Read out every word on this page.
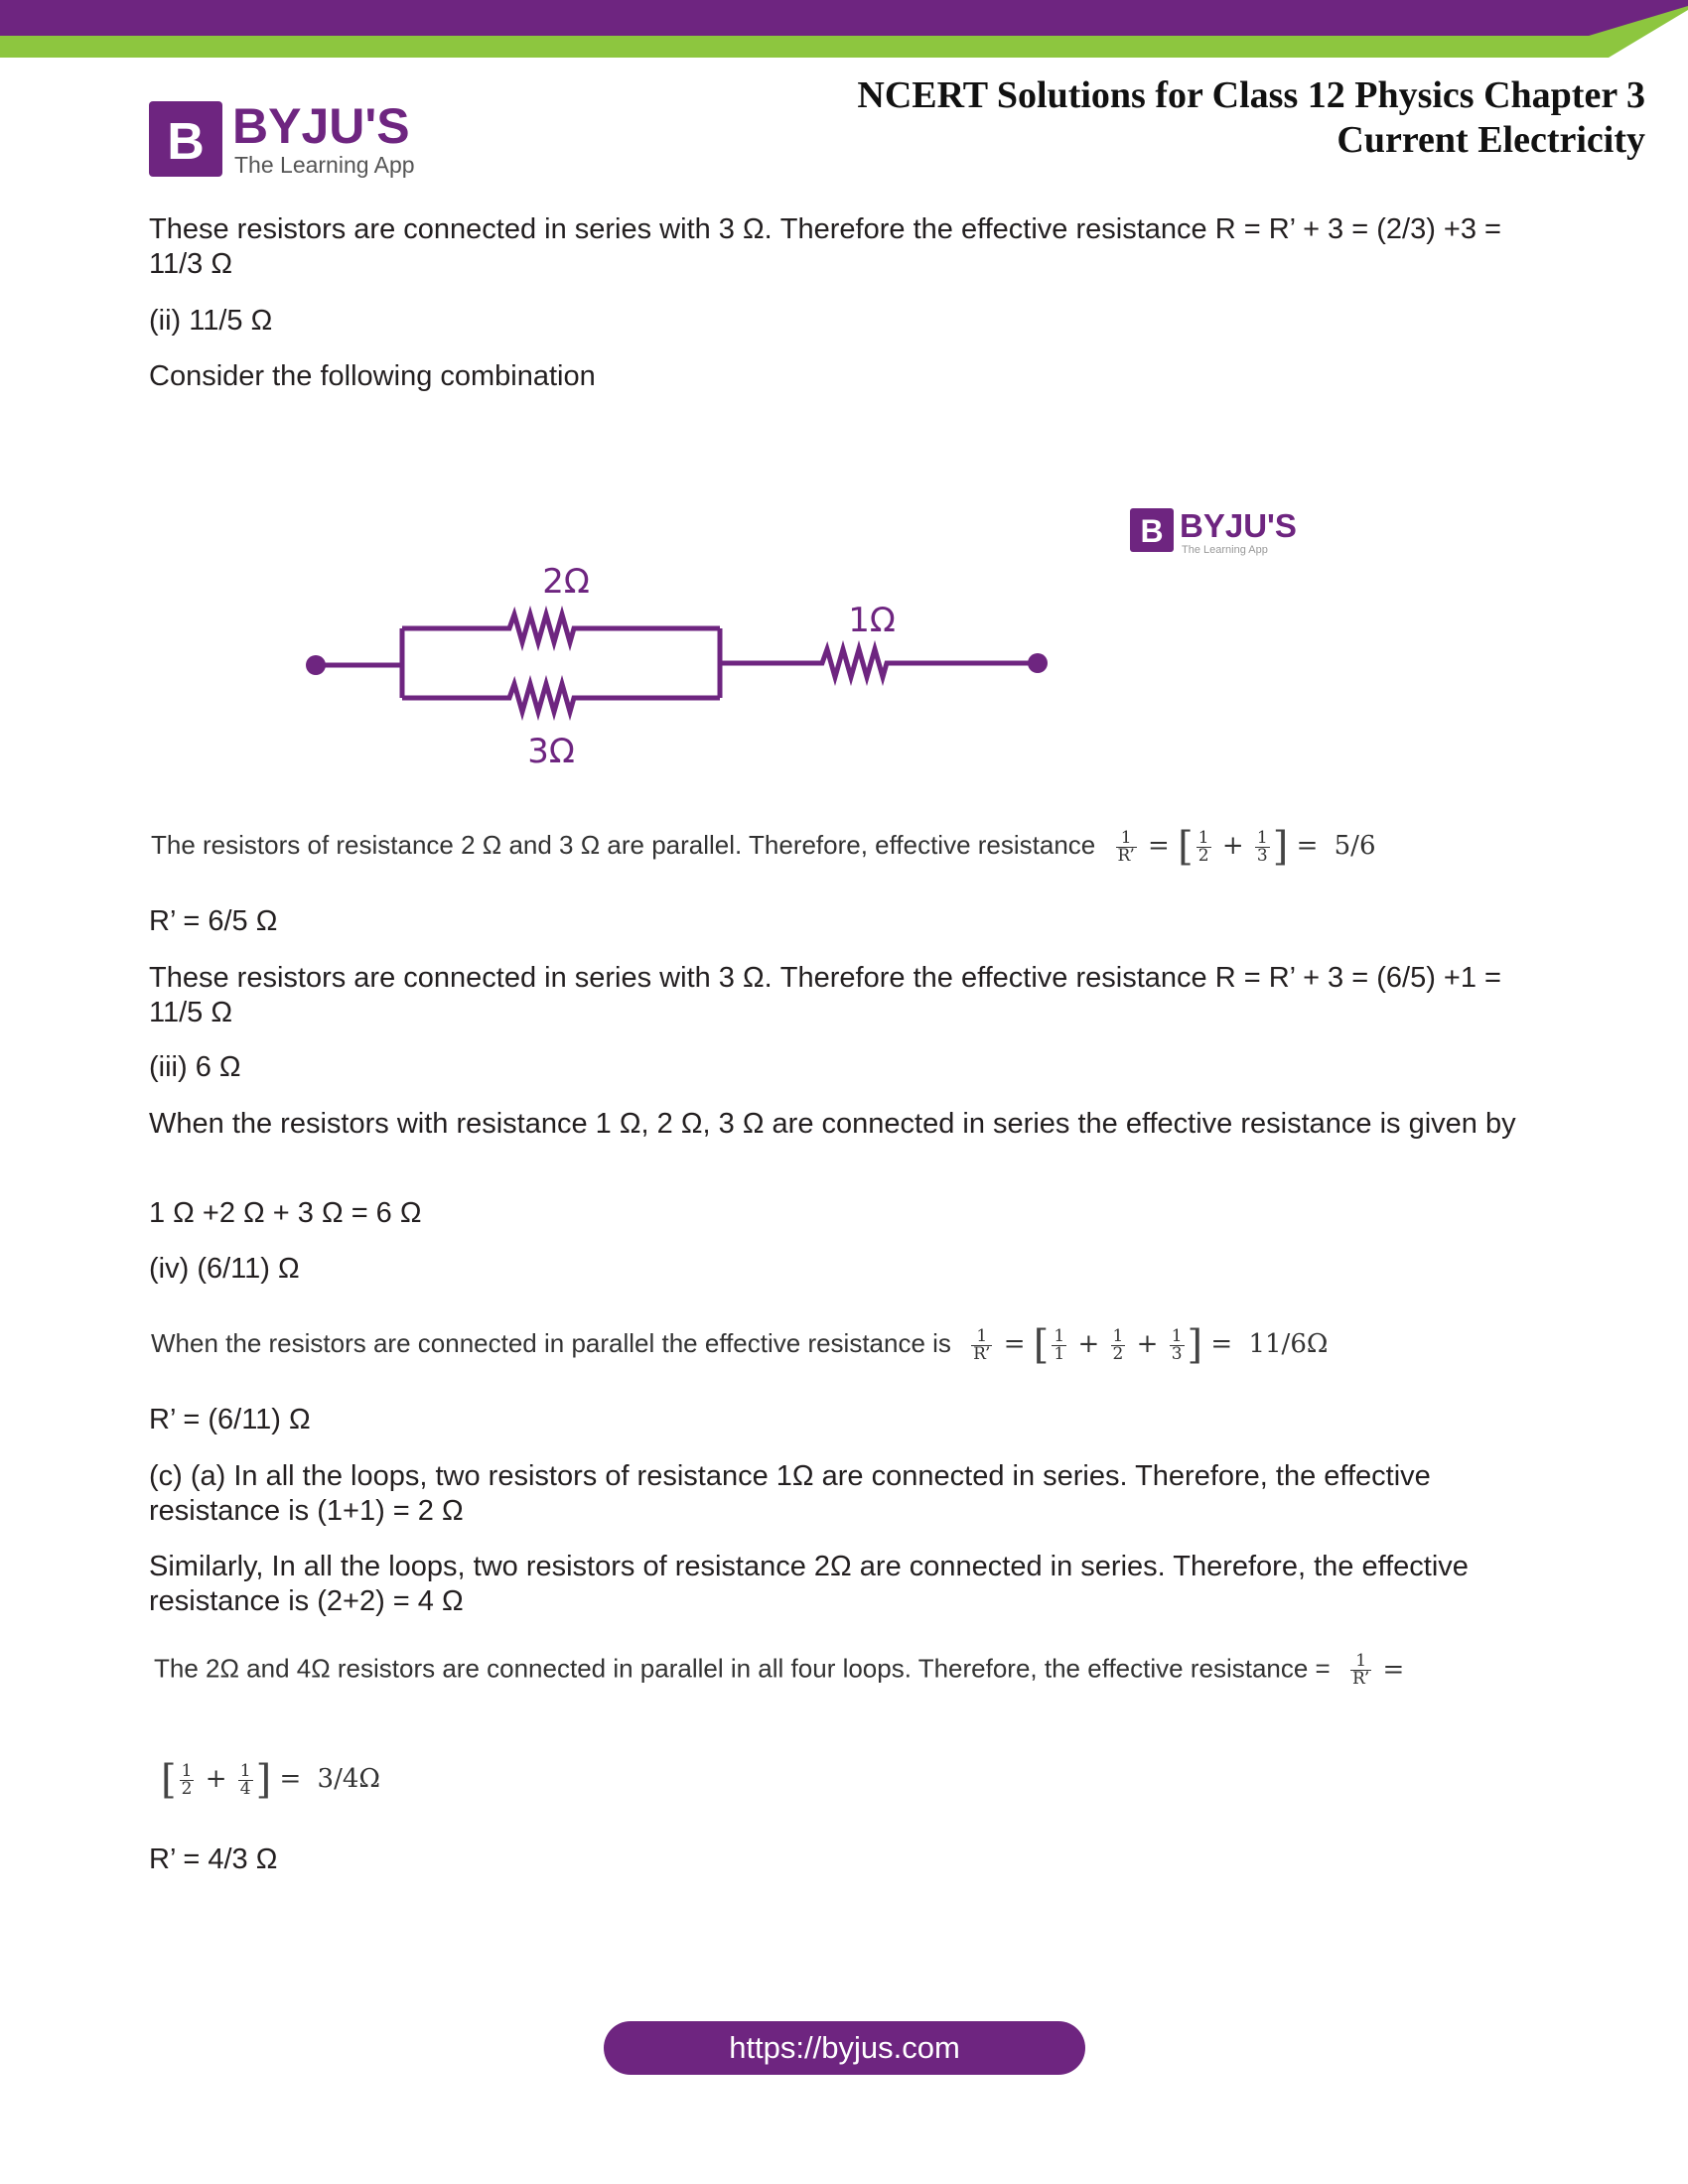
B BYJU'S
The Learning App
NCERT Solutions for Class 12 Physics Chapter 3
Current Electricity

These resistors are connected in series with 3 Ω. Therefore the effective resistance R = R’ + 3 = (2/3) +3 = 11/3 Ω

(ii) 11/5 Ω
Consider the following combination
2Ω
3Ω
1Ω
B BYJU'S
The Learning App
The resistors of resistance 2 Ω and 3 Ω are parallel. Therefore, effective resistance $\frac{1}{R’}$ = [ $\frac{1}{2} + \frac{1}{3}$ ] = 5/6
R’ = 6/5 Ω
These resistors are connected in series with 3 Ω. Therefore the effective resistance R = R’ + 3 = (6/5) +1 = 11/5 Ω
(iii) 6 Ω
When the resistors with resistance 1 Ω, 2 Ω, 3 Ω are connected in series the effective resistance is given by
1 Ω +2 Ω + 3 Ω = 6 Ω
(iv) (6/11) Ω
When the resistors are connected in parallel the effective resistance is $\frac{1}{R’}$ = [ $\frac{1}{1} + \frac{1}{2} + \frac{1}{3}$ ] = 11/6Ω
R’ = (6/11) Ω
(c) (a) In all the loops, two resistors of resistance 1Ω are connected in series. Therefore, the effective resistance is (1+1) = 2 Ω
Similarly, In all the loops, two resistors of resistance 2Ω are connected in series. Therefore, the effective resistance is (2+2) = 4 Ω
The 2Ω and 4Ω resistors are connected in parallel in all four loops. Therefore, the effective resistance = $\frac{1}{R’}$ =
[ $\frac{1}{2} + \frac{1}{4}$ ] = 3/4Ω
R’ = 4/3 Ω
https://byjus.com
